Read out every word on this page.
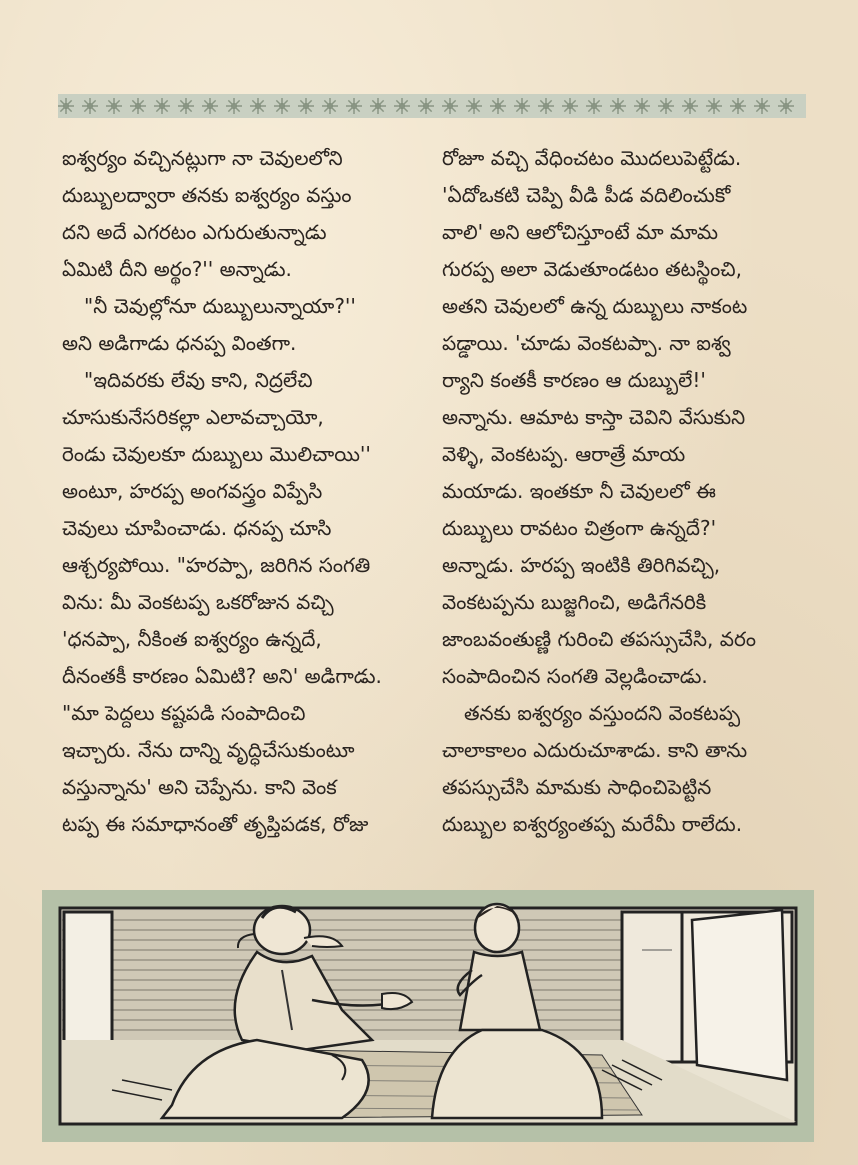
ఐశ్వర్యం వచ్చినట్లుగా నా చెవులలోని
దుబ్బులద్వారా తనకు ఐశ్వర్యం వస్తుం
దని అదే ఎగరటం ఎగురుతున్నాడు
ఏమిటి దీని అర్థం?'' అన్నాడు.
"నీ చెవుల్లోనూ దుబ్బులున్నాయా?''
అని అడిగాడు ధనప్ప వింతగా.
"ఇదివరకు లేవు కాని, నిద్రలేచి
చూసుకునేసరికల్లా ఎలావచ్చాయో,
రెండు చెవులకూ దుబ్బులు మొలిచాయి''
అంటూ, హరప్ప అంగవస్త్రం విప్పేసి
చెవులు చూపించాడు. ధనప్ప చూసి
ఆశ్చర్యపోయి. "హరప్పా, జరిగిన సంగతి
విను: మీ వెంకటప్ప ఒకరోజున వచ్చి
'ధనప్పా, నీకింత ఐశ్వర్యం ఉన్నదే,
దీనంతకీ కారణం ఏమిటి? అని' అడిగాడు.
"మా పెద్దలు కష్టపడి సంపాదించి
ఇచ్చారు. నేను దాన్ని వృద్ధిచేసుకుంటూ
వస్తున్నాను' అని చెప్పేను. కాని వెంక
టప్ప ఈ సమాధానంతో తృప్తిపడక, రోజు
రోజూ వచ్చి వేధించటం మొదలుపెట్టేడు.
'ఏదోఒకటి చెప్పి వీడి పీడ వదిలించుకో
వాలి' అని ఆలోచిస్తూంటే మా మామ
గురప్ప అలా వెడుతూండటం తటస్థించి,
అతని చెవులలో ఉన్న దుబ్బులు నాకంట
పడ్డాయి. 'చూడు వెంకటప్పా. నా ఐశ్వ
ర్యాని కంతకీ కారణం ఆ దుబ్బులే!'
అన్నాను. ఆమాట కాస్తా చెవిని వేసుకుని
వెళ్ళి, వెంకటప్ప. ఆరాత్రే మాయ
మయాడు. ఇంతకూ నీ చెవులలో ఈ
దుబ్బులు రావటం చిత్రంగా ఉన్నదే?'
అన్నాడు. హరప్ప ఇంటికి తిరిగివచ్చి,
వెంకటప్పను బుజ్జగించి, అడిగేనరికి
జాంబవంతుణ్ణి గురించి తపస్సుచేసి, వరం
సంపాదించిన సంగతి వెల్లడించాడు.
తనకు ఐశ్వర్యం వస్తుందని వెంకటప్ప
చాలాకాలం ఎదురుచూశాడు. కాని తాను
తపస్సుచేసి మామకు సాధించిపెట్టిన
దుబ్బుల ఐశ్వర్యంతప్ప మరేమీ రాలేదు.
